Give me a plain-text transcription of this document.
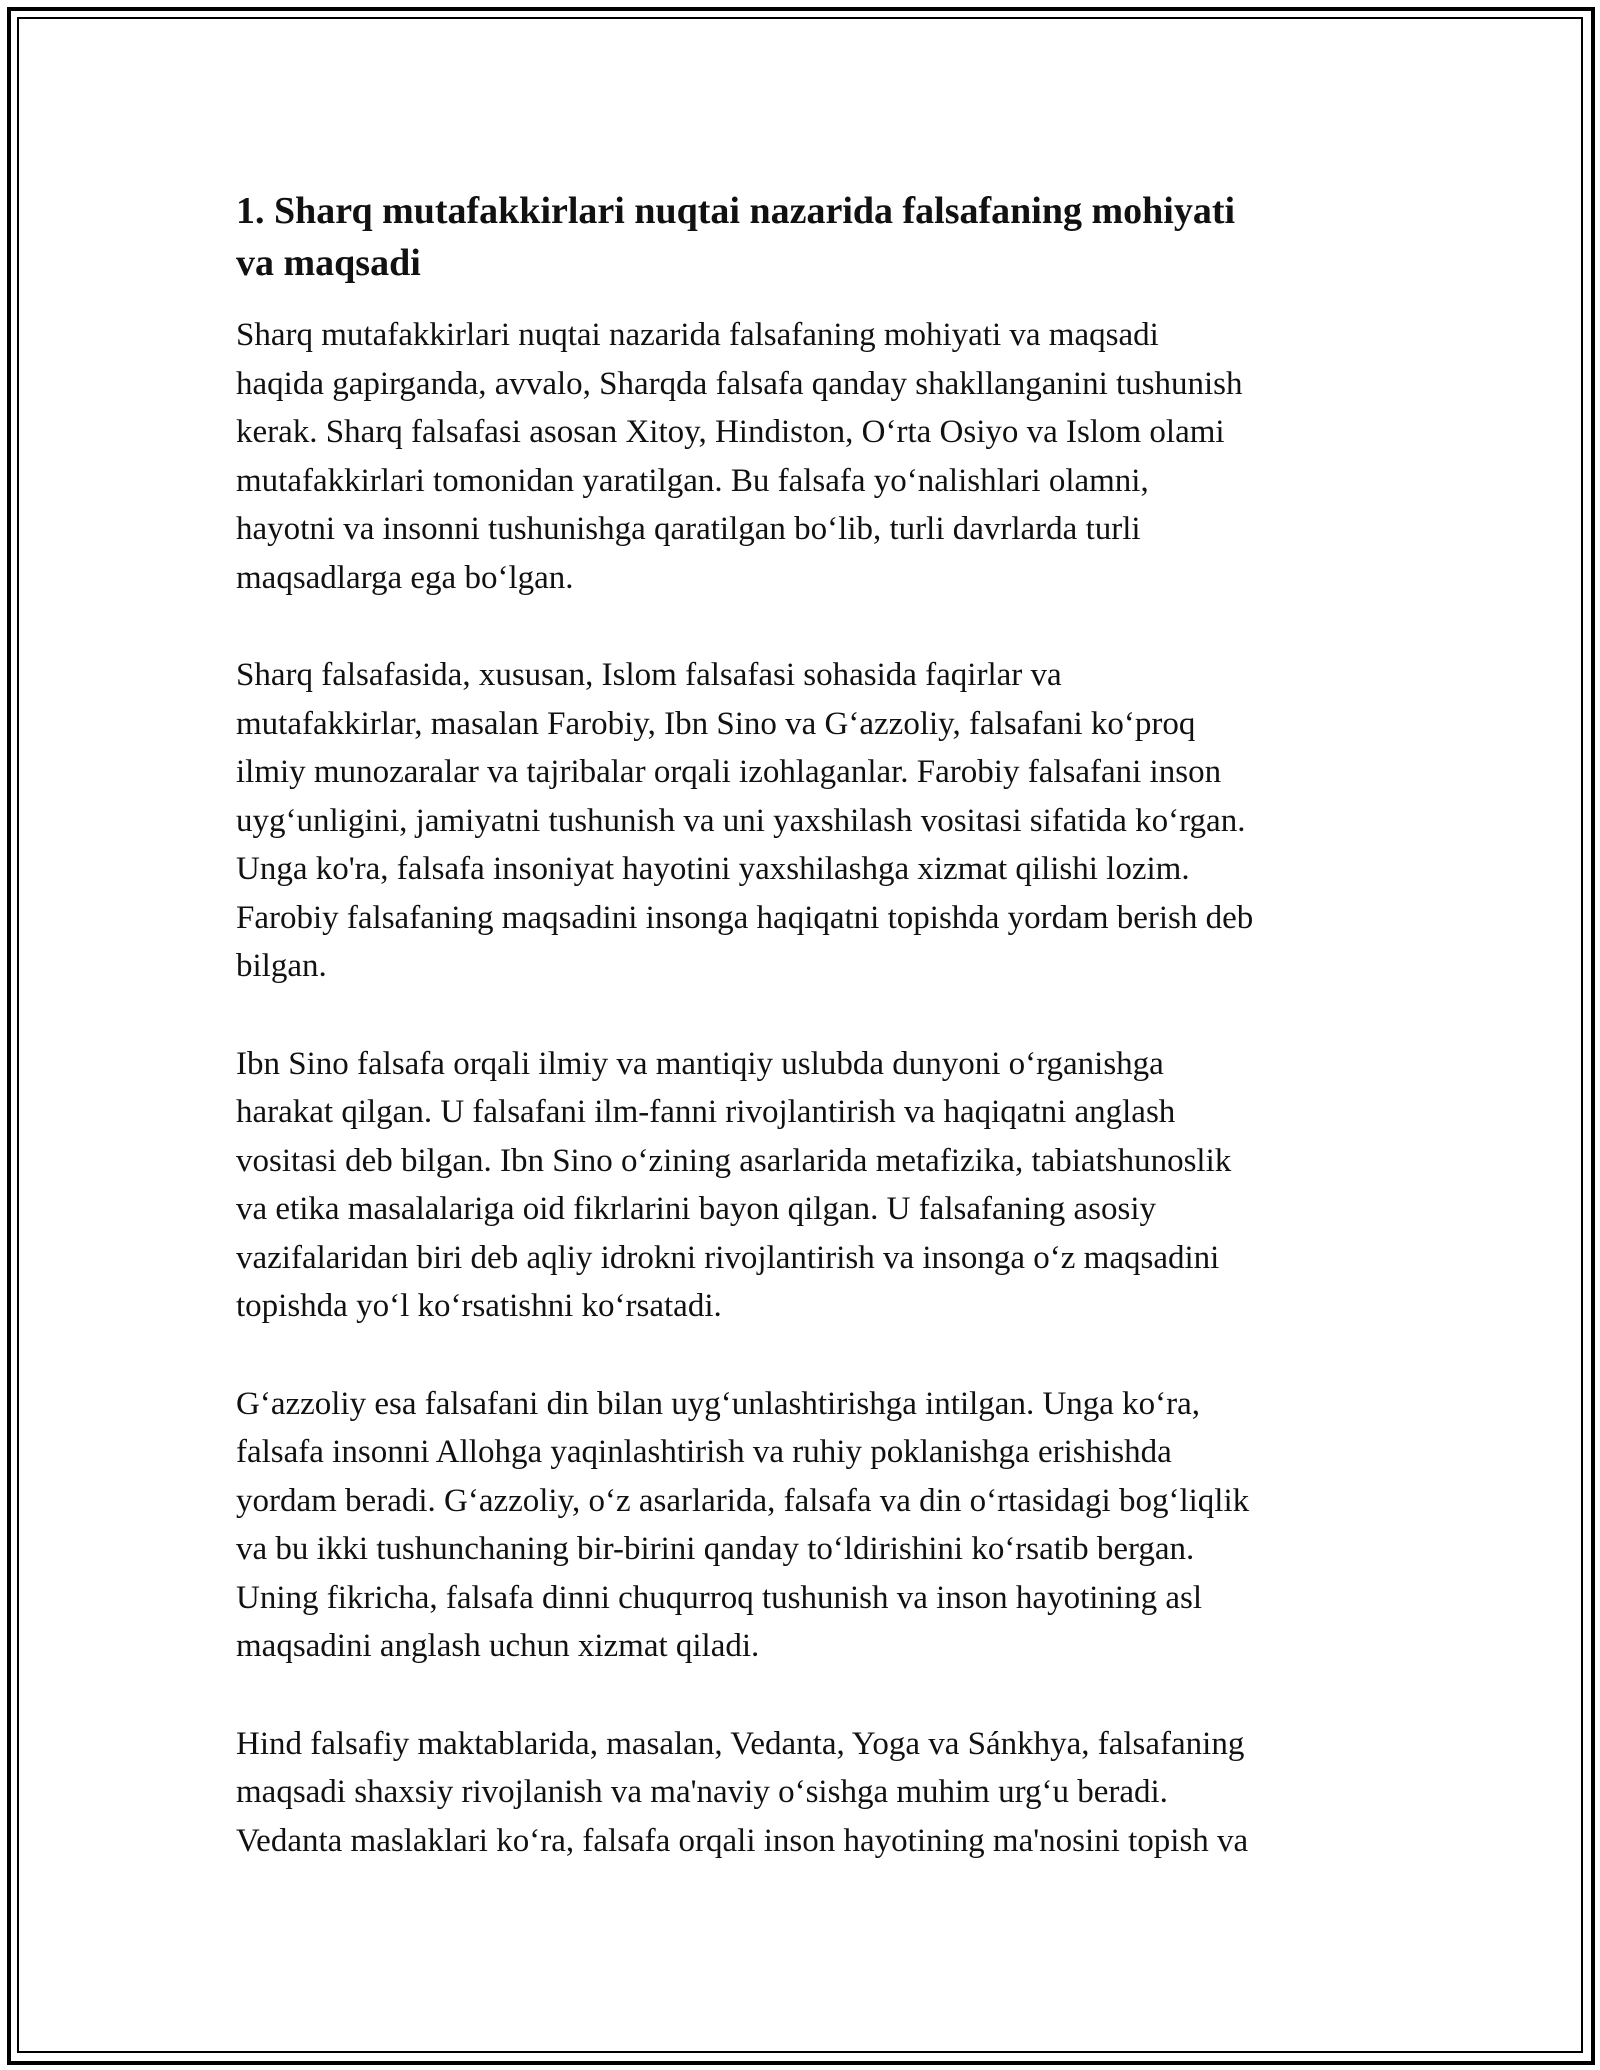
1. Sharq mutafakkirlari nuqtai nazarida falsafaning mohiyati
va maqsadi
Sharq mutafakkirlari nuqtai nazarida falsafaning mohiyati va maqsadi
haqida gapirganda, avvalo, Sharqda falsafa qanday shakllanganini tushunish
kerak. Sharq falsafasi asosan Xitoy, Hindiston, O‘rta Osiyo va Islom olami
mutafakkirlari tomonidan yaratilgan. Bu falsafa yo‘nalishlari olamni,
hayotni va insonni tushunishga qaratilgan bo‘lib, turli davrlarda turli
maqsadlarga ega bo‘lgan.
Sharq falsafasida, xususan, Islom falsafasi sohasida faqirlar va
mutafakkirlar, masalan Farobiy, Ibn Sino va G‘azzoliy, falsafani ko‘proq
ilmiy munozaralar va tajribalar orqali izohlaganlar. Farobiy falsafani inson
uyg‘unligini, jamiyatni tushunish va uni yaxshilash vositasi sifatida ko‘rgan.
Unga ko'ra, falsafa insoniyat hayotini yaxshilashga xizmat qilishi lozim.
Farobiy falsafaning maqsadini insonga haqiqatni topishda yordam berish deb
bilgan.
Ibn Sino falsafa orqali ilmiy va mantiqiy uslubda dunyoni o‘rganishga
harakat qilgan. U falsafani ilm-fanni rivojlantirish va haqiqatni anglash
vositasi deb bilgan. Ibn Sino o‘zining asarlarida metafizika, tabiatshunoslik
va etika masalalariga oid fikrlarini bayon qilgan. U falsafaning asosiy
vazifalaridan biri deb aqliy idrokni rivojlantirish va insonga o‘z maqsadini
topishda yo‘l ko‘rsatishni ko‘rsatadi.
G‘azzoliy esa falsafani din bilan uyg‘unlashtirishga intilgan. Unga ko‘ra,
falsafa insonni Allohga yaqinlashtirish va ruhiy poklanishga erishishda
yordam beradi. G‘azzoliy, o‘z asarlarida, falsafa va din o‘rtasidagi bog‘liqlik
va bu ikki tushunchaning bir-birini qanday to‘ldirishini ko‘rsatib bergan.
Uning fikricha, falsafa dinni chuqurroq tushunish va inson hayotining asl
maqsadini anglash uchun xizmat qiladi.
Hind falsafiy maktablarida, masalan, Vedanta, Yoga va Sánkhya, falsafaning
maqsadi shaxsiy rivojlanish va ma'naviy o‘sishga muhim urg‘u beradi.
Vedanta maslaklari ko‘ra, falsafa orqali inson hayotining ma'nosini topish va
